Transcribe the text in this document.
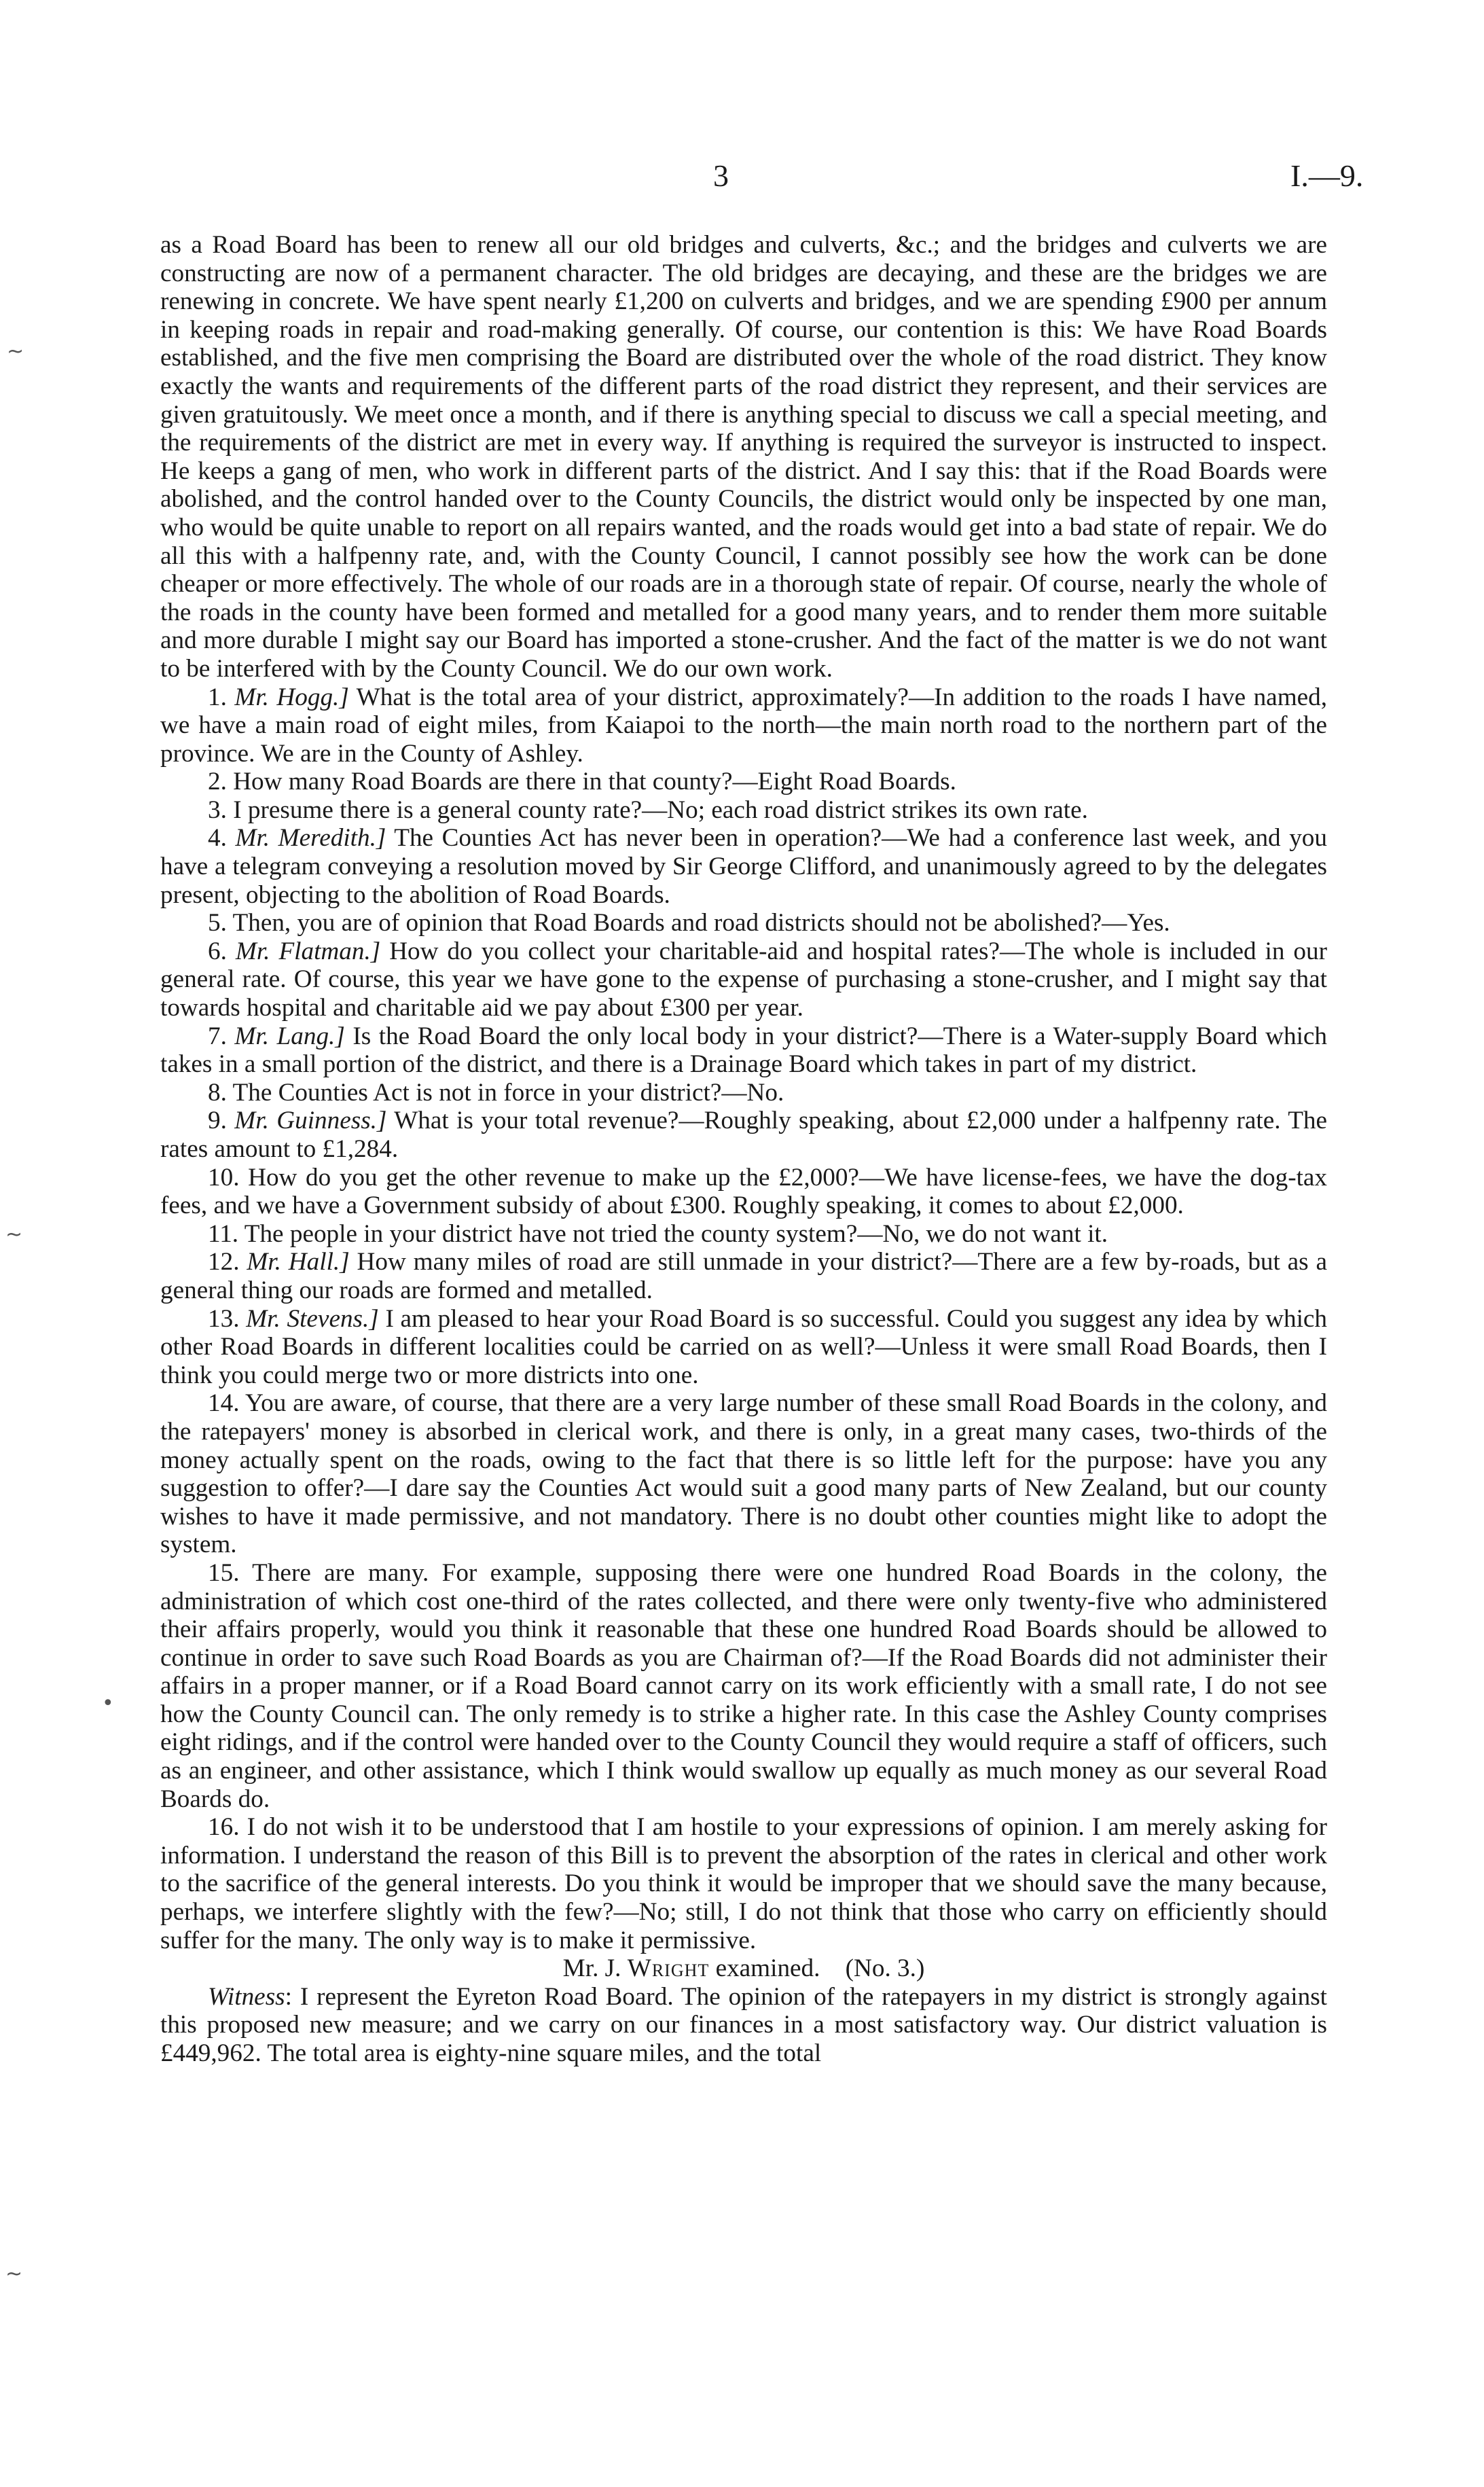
3	I.—9.

as a Road Board has been to renew all our old bridges and culverts, &c.; and the bridges and culverts we are constructing are now of a permanent character. The old bridges are decaying, and these are the bridges we are renewing in concrete. We have spent nearly £1,200 on culverts and bridges, and we are spending £900 per annum in keeping roads in repair and road-making generally. Of course, our contention is this: We have Road Boards established, and the five men comprising the Board are distributed over the whole of the road district. They know exactly the wants and requirements of the different parts of the road district they represent, and their services are given gratuitously. We meet once a month, and if there is anything special to discuss we call a special meeting, and the requirements of the district are met in every way. If anything is required the surveyor is instructed to inspect. He keeps a gang of men, who work in different parts of the district. And I say this: that if the Road Boards were abolished, and the control handed over to the County Councils, the district would only be inspected by one man, who would be quite unable to report on all repairs wanted, and the roads would get into a bad state of repair. We do all this with a halfpenny rate, and, with the County Council, I cannot possibly see how the work can be done cheaper or more effectively. The whole of our roads are in a thorough state of repair. Of course, nearly the whole of the roads in the county have been formed and metalled for a good many years, and to render them more suitable and more durable I might say our Board has imported a stone-crusher. And the fact of the matter is we do not want to be interfered with by the County Council. We do our own work.

1. Mr. Hogg.] What is the total area of your district, approximately?—In addition to the roads I have named, we have a main road of eight miles, from Kaiapoi to the north—the main north road to the northern part of the province. We are in the County of Ashley.

2. How many Road Boards are there in that county?—Eight Road Boards.

3. I presume there is a general county rate?—No; each road district strikes its own rate.

4. Mr. Meredith.] The Counties Act has never been in operation?—We had a conference last week, and you have a telegram conveying a resolution moved by Sir George Clifford, and unanimously agreed to by the delegates present, objecting to the abolition of Road Boards.

5. Then, you are of opinion that Road Boards and road districts should not be abolished?—Yes.

6. Mr. Flatman.] How do you collect your charitable-aid and hospital rates?—The whole is included in our general rate. Of course, this year we have gone to the expense of purchasing a stone-crusher, and I might say that towards hospital and charitable aid we pay about £300 per year.

7. Mr. Lang.] Is the Road Board the only local body in your district?—There is a Water-supply Board which takes in a small portion of the district, and there is a Drainage Board which takes in part of my district.

8. The Counties Act is not in force in your district?—No.

9. Mr. Guinness.] What is your total revenue?—Roughly speaking, about £2,000 under a halfpenny rate. The rates amount to £1,284.

10. How do you get the other revenue to make up the £2,000?—We have license-fees, we have the dog-tax fees, and we have a Government subsidy of about £300. Roughly speaking, it comes to about £2,000.

11. The people in your district have not tried the county system?—No, we do not want it.

12. Mr. Hall.] How many miles of road are still unmade in your district?—There are a few by-roads, but as a general thing our roads are formed and metalled.

13. Mr. Stevens.] I am pleased to hear your Road Board is so successful. Could you suggest any idea by which other Road Boards in different localities could be carried on as well?—Unless it were small Road Boards, then I think you could merge two or more districts into one.

14. You are aware, of course, that there are a very large number of these small Road Boards in the colony, and the ratepayers' money is absorbed in clerical work, and there is only, in a great many cases, two-thirds of the money actually spent on the roads, owing to the fact that there is so little left for the purpose: have you any suggestion to offer?—I dare say the Counties Act would suit a good many parts of New Zealand, but our county wishes to have it made permissive, and not mandatory. There is no doubt other counties might like to adopt the system.

15. There are many. For example, supposing there were one hundred Road Boards in the colony, the administration of which cost one-third of the rates collected, and there were only twenty-five who administered their affairs properly, would you think it reasonable that these one hundred Road Boards should be allowed to continue in order to save such Road Boards as you are Chairman of?—If the Road Boards did not administer their affairs in a proper manner, or if a Road Board cannot carry on its work efficiently with a small rate, I do not see how the County Council can. The only remedy is to strike a higher rate. In this case the Ashley County comprises eight ridings, and if the control were handed over to the County Council they would require a staff of officers, such as an engineer, and other assistance, which I think would swallow up equally as much money as our several Road Boards do.

16. I do not wish it to be understood that I am hostile to your expressions of opinion. I am merely asking for information. I understand the reason of this Bill is to prevent the absorption of the rates in clerical and other work to the sacrifice of the general interests. Do you think it would be improper that we should save the many because, perhaps, we interfere slightly with the few?—No; still, I do not think that those who carry on efficiently should suffer for the many. The only way is to make it permissive.

Mr. J. Wright examined.  (No. 3.)

Witness: I represent the Eyreton Road Board. The opinion of the ratepayers in my district is strongly against this proposed new measure; and we carry on our finances in a most satisfactory way. Our district valuation is £449,962. The total area is eighty-nine square miles, and the total

~
~
•
~
